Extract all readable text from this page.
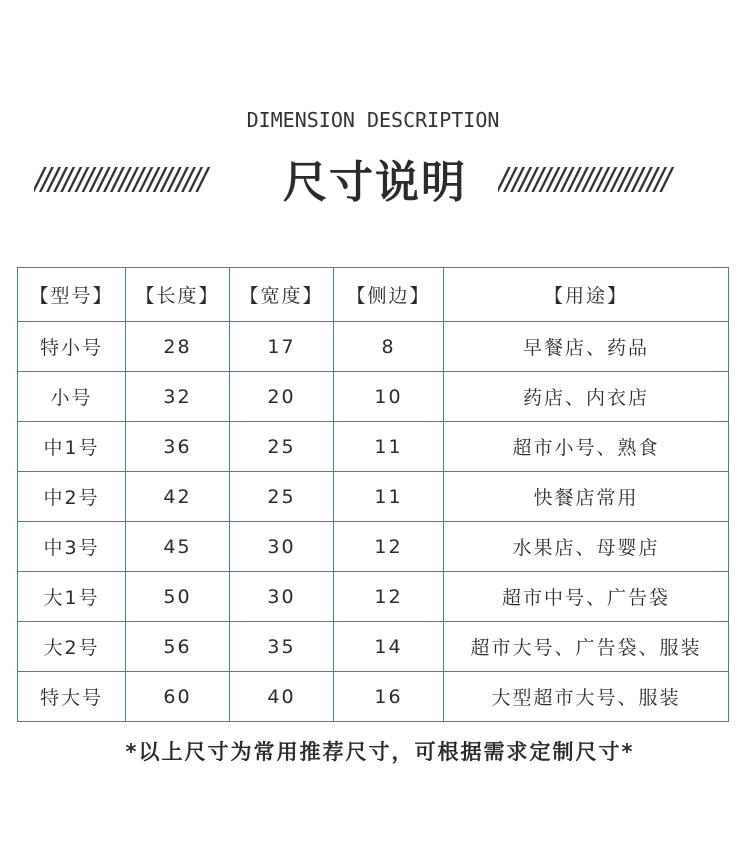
DIMENSION DESCRIPTION
////////////////////////	尺寸说明	////////////////////////
【型号】	【长度】	【宽度】	【侧边】	【用途】
特小号	28	17	8	早餐店、药品
小号	32	20	10	药店、内衣店
中1号	36	25	11	超市小号、熟食
中2号	42	25	11	快餐店常用
中3号	45	30	12	水果店、母婴店
大1号	50	30	12	超市中号、广告袋
大2号	56	35	14	超市大号、广告袋、服装
特大号	60	40	16	大型超市大号、服装
*以上尺寸为常用推荐尺寸，可根据需求定制尺寸*
